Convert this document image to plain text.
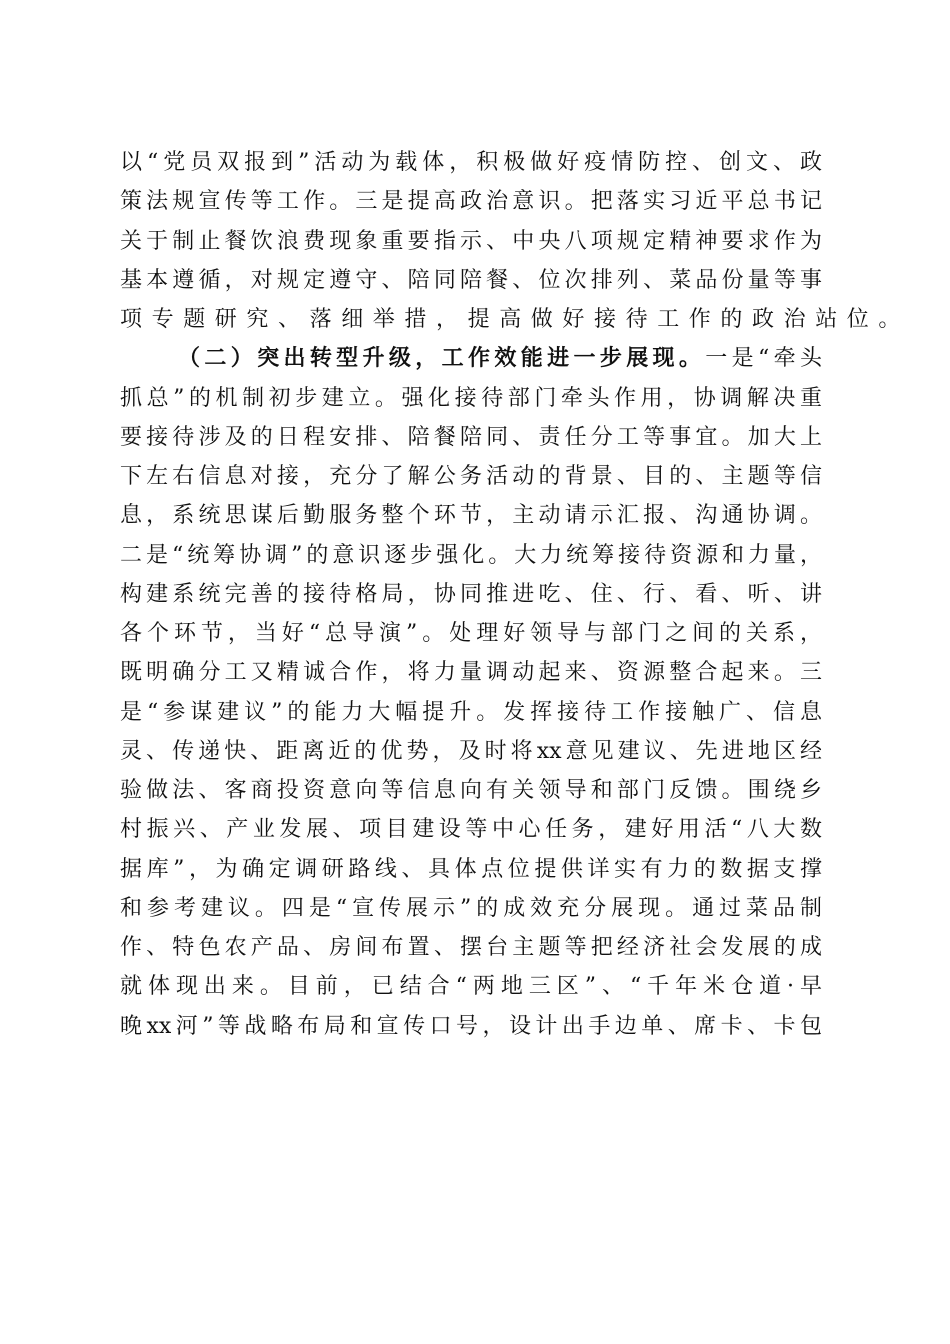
以“党员双报到”活动为载体，积极做好疫情防控、创文、政
策法规宣传等工作。三是提高政治意识。把落实习近平总书记
关于制止餐饮浪费现象重要指示、中央八项规定精神要求作为
基本遵循，对规定遵守、陪同陪餐、位次排列、菜品份量等事
项专题研究、落细举措，提高做好接待工作的政治站位。
（二）突出转型升级，工作效能进一步展现。一是“牵头
抓总”的机制初步建立。强化接待部门牵头作用，协调解决重
要接待涉及的日程安排、陪餐陪同、责任分工等事宜。加大上
下左右信息对接，充分了解公务活动的背景、目的、主题等信
息，系统思谋后勤服务整个环节，主动请示汇报、沟通协调。
二是“统筹协调”的意识逐步强化。大力统筹接待资源和力量，
构建系统完善的接待格局，协同推进吃、住、行、看、听、讲
各个环节，当好“总导演”。处理好领导与部门之间的关系，
既明确分工又精诚合作，将力量调动起来、资源整合起来。三
是“参谋建议”的能力大幅提升。发挥接待工作接触广、信息
灵、传递快、距离近的优势，及时将xx意见建议、先进地区经
验做法、客商投资意向等信息向有关领导和部门反馈。围绕乡
村振兴、产业发展、项目建设等中心任务，建好用活“八大数
据库”，为确定调研路线、具体点位提供详实有力的数据支撑
和参考建议。四是“宣传展示”的成效充分展现。通过菜品制
作、特色农产品、房间布置、摆台主题等把经济社会发展的成
就体现出来。目前，已结合“两地三区”、“千年米仓道·早
晚xx河”等战略布局和宣传口号，设计出手边单、席卡、卡包
